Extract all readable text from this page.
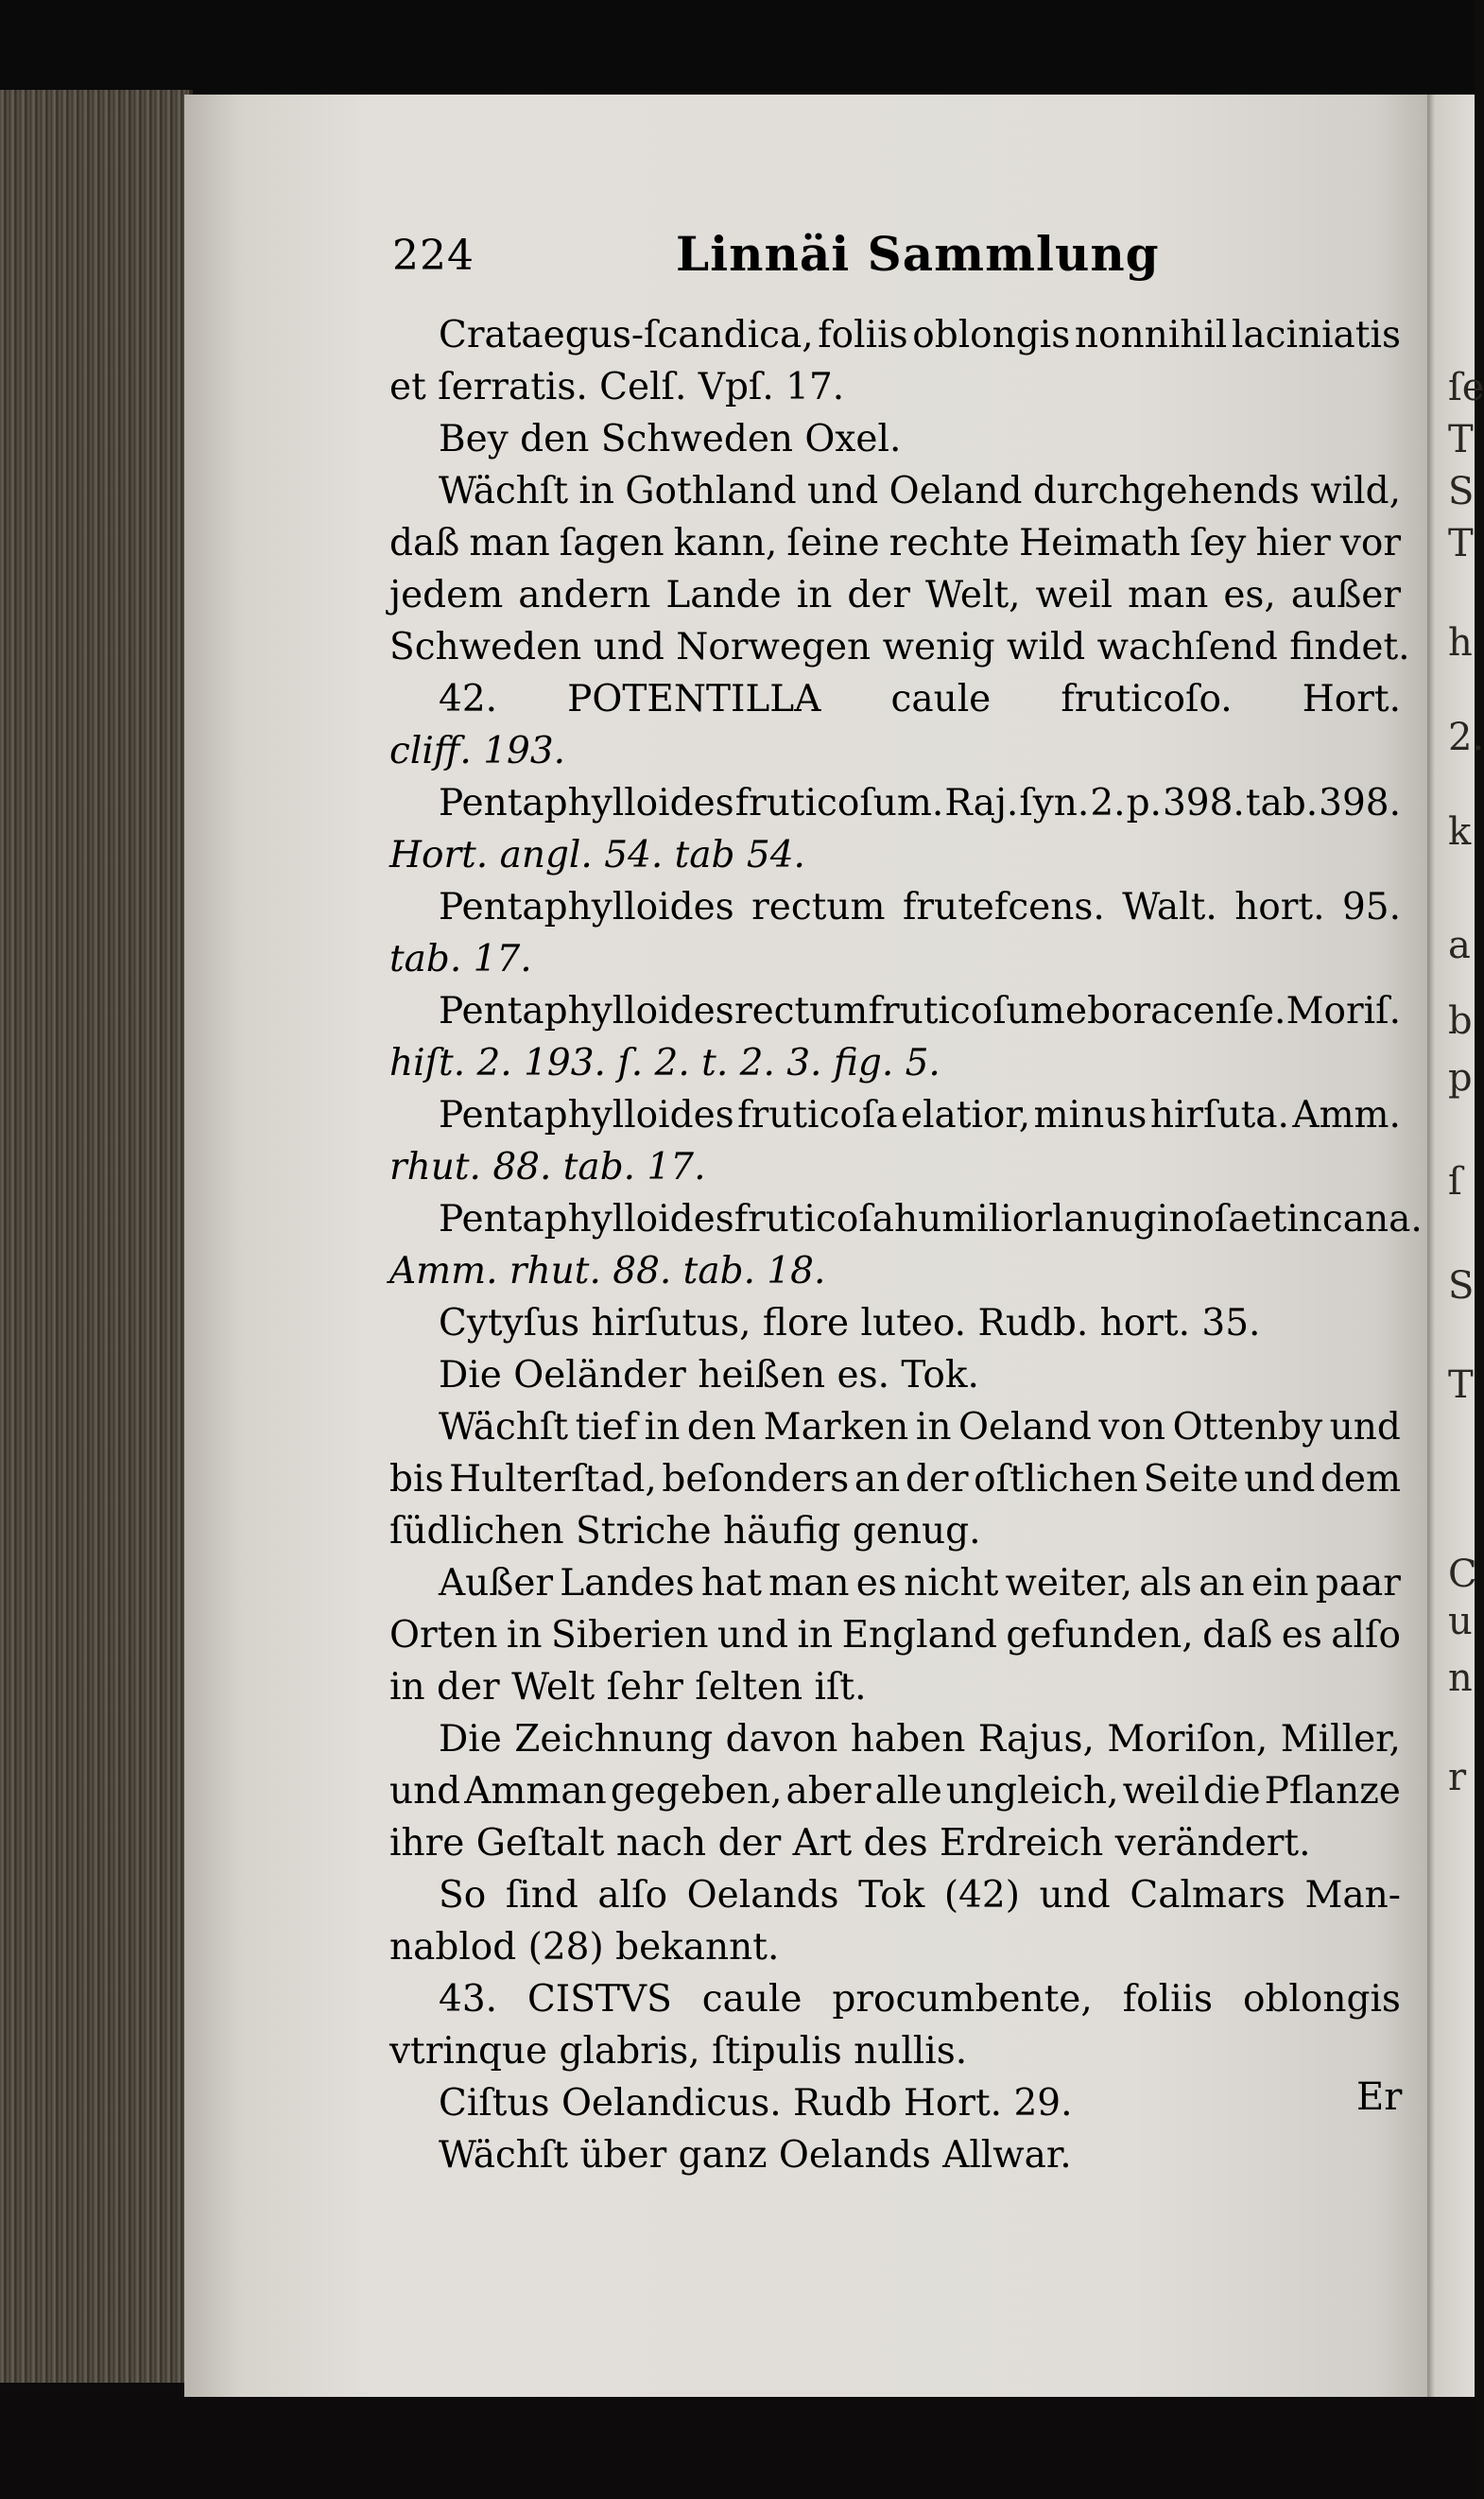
ſe
T
S
T
h
2.
k
a
b
p
ſ
S
T
C
u
n
r
224	Linnäi Sammlung
Crataegus-ſcandica, foliis oblongis nonnihil laciniatis
et ſerratis. Celſ. Vpſ. 17.
Bey den Schweden Oxel.
Wächſt in Gothland und Oeland durchgehends wild,
daß man ſagen kann, ſeine rechte Heimath ſey hier vor
jedem andern Lande in der Welt, weil man es, außer
Schweden und Norwegen wenig wild wachſend findet.
42. POTENTILLA caule fruticoſo. Hort.
cliff. 193.
Pentaphylloides fruticoſum. Raj. ſyn. 2. p. 398. tab. 398.
Hort. angl. 54. tab 54.
Pentaphylloides rectum frutefcens. Walt. hort. 95.
tab. 17.
Pentaphylloides rectum fruticoſum eboracenſe. Moriſ.
hiſt. 2. 193. ſ. 2. t. 2. 3. fig. 5.
Pentaphylloides fruticoſa elatior, minus hirſuta. Amm.
rhut. 88. tab. 17.
Pentaphylloides fruticoſa humilior lanuginoſa et incana.
Amm. rhut. 88. tab. 18.
Cytyſus hirſutus, flore luteo. Rudb. hort. 35.
Die Oeländer heißen es. Tok.
Wächſt tief in den Marken in Oeland von Ottenby und
bis Hulterſtad, beſonders an der oſtlichen Seite und dem
ſüdlichen Striche häufig genug.
Außer Landes hat man es nicht weiter, als an ein paar
Orten in Siberien und in England gefunden, daß es alſo
in der Welt ſehr ſelten iſt.
Die Zeichnung davon haben Rajus, Moriſon, Miller,
und Amman gegeben, aber alle ungleich, weil die Pflanze
ihre Geſtalt nach der Art des Erdreich verändert.
So ſind alſo Oelands Tok (42) und Calmars Man-
nablod (28) bekannt.
43. CISTVS caule procumbente, foliis oblongis
vtrinque glabris, ſtipulis nullis.
Ciſtus Oelandicus. Rudb Hort. 29.
Wächſt über ganz Oelands Allwar.
Er
